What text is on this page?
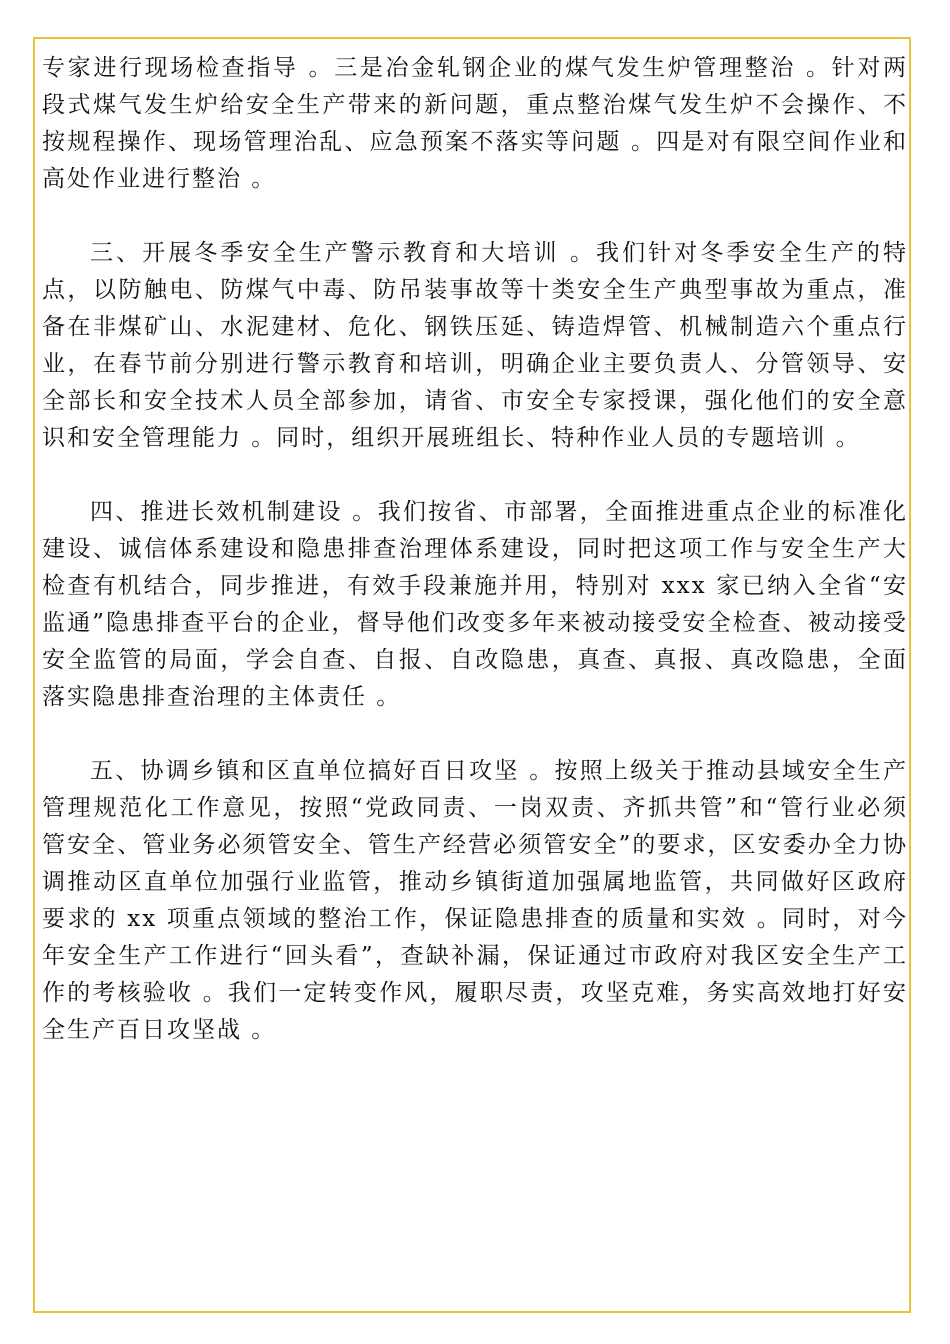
专家进行现场检查指导 。三是冶金轧钢企业的煤气发生炉管理整治 。针对两段式煤气发生炉给安全生产带来的新问题，重点整治煤气发生炉不会操作、不按规程操作、现场管理治乱、应急预案不落实等问题 。四是对有限空间作业和高处作业进行整治 。

三、开展冬季安全生产警示教育和大培训 。我们针对冬季安全生产的特点，以防触电、防煤气中毒、防吊装事故等十类安全生产典型事故为重点，准备在非煤矿山、水泥建材、危化、钢铁压延、铸造焊管、机械制造六个重点行业，在春节前分别进行警示教育和培训，明确企业主要负责人、分管领导、安全部长和安全技术人员全部参加，请省、市安全专家授课，强化他们的安全意识和安全管理能力 。同时，组织开展班组长、特种作业人员的专题培训 。

四、推进长效机制建设 。我们按省、市部署，全面推进重点企业的标准化建设、诚信体系建设和隐患排查治理体系建设，同时把这项工作与安全生产大检查有机结合，同步推进，有效手段兼施并用，特别对 xxx 家已纳入全省“安监通”隐患排查平台的企业，督导他们改变多年来被动接受安全检查、被动接受安全监管的局面，学会自查、自报、自改隐患，真查、真报、真改隐患，全面落实隐患排查治理的主体责任 。

五、协调乡镇和区直单位搞好百日攻坚 。按照上级关于推动县域安全生产管理规范化工作意见，按照“党政同责、一岗双责、齐抓共管”和“管行业必须管安全、管业务必须管安全、管生产经营必须管安全”的要求，区安委办全力协调推动区直单位加强行业监管，推动乡镇街道加强属地监管，共同做好区政府要求的 xx 项重点领域的整治工作，保证隐患排查的质量和实效 。同时，对今年安全生产工作进行“回头看”，查缺补漏，保证通过市政府对我区安全生产工作的考核验收 。我们一定转变作风，履职尽责，攻坚克难，务实高效地打好安全生产百日攻坚战 。
